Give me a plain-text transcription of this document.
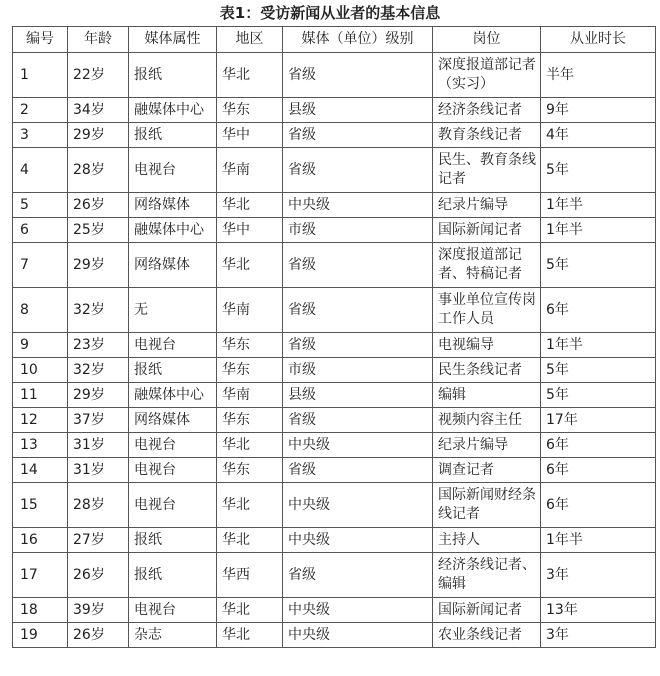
表1：受访新闻从业者的基本信息
编号	年龄	媒体属性	地区	媒体（单位）级别	岗位	从业时长
1	22岁	报纸	华北	省级	深度报道部记者（实习）	半年
2	34岁	融媒体中心	华东	县级	经济条线记者	9年
3	29岁	报纸	华中	省级	教育条线记者	4年
4	28岁	电视台	华南	省级	民生、教育条线记者	5年
5	26岁	网络媒体	华北	中央级	纪录片编导	1年半
6	25岁	融媒体中心	华中	市级	国际新闻记者	1年半
7	29岁	网络媒体	华北	省级	深度报道部记者、特稿记者	5年
8	32岁	无	华南	省级	事业单位宣传岗工作人员	6年
9	23岁	电视台	华东	省级	电视编导	1年半
10	32岁	报纸	华东	市级	民生条线记者	5年
11	29岁	融媒体中心	华南	县级	编辑	5年
12	37岁	网络媒体	华东	省级	视频内容主任	17年
13	31岁	电视台	华北	中央级	纪录片编导	6年
14	31岁	电视台	华东	省级	调查记者	6年
15	28岁	电视台	华北	中央级	国际新闻财经条线记者	6年
16	27岁	报纸	华北	中央级	主持人	1年半
17	26岁	报纸	华西	省级	经济条线记者、编辑	3年
18	39岁	电视台	华北	中央级	国际新闻记者	13年
19	26岁	杂志	华北	中央级	农业条线记者	3年
